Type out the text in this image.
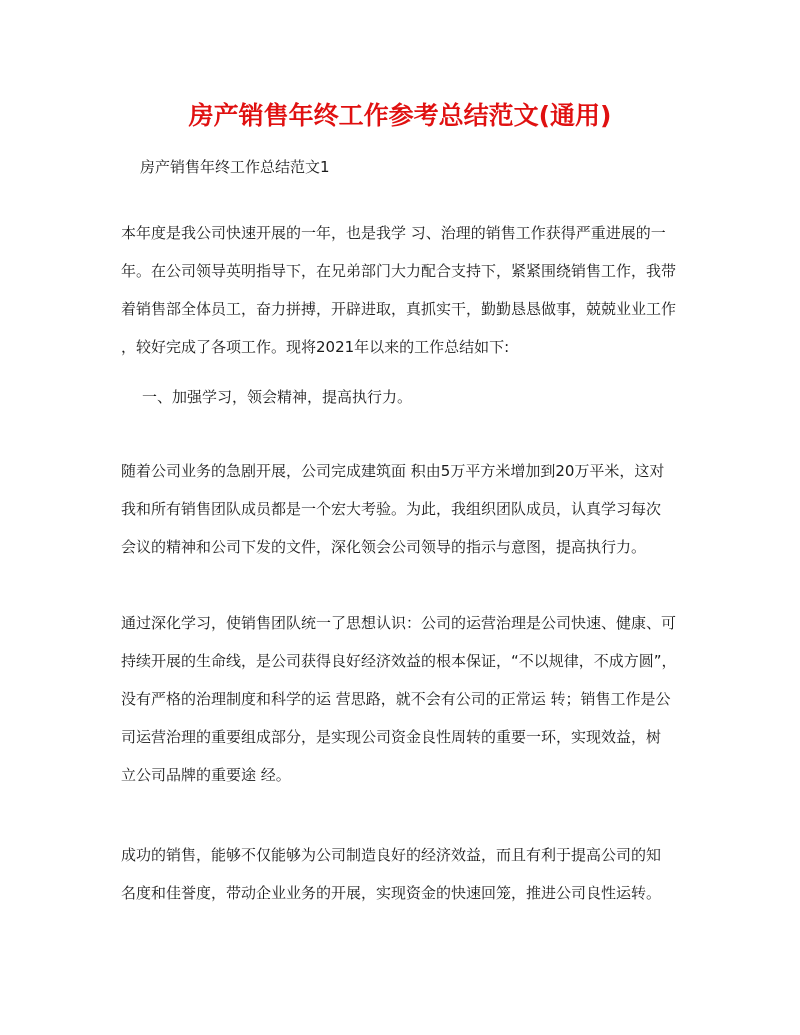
房产销售年终工作参考总结范文(通用)

房产销售年终工作总结范文1

本年度是我公司快速开展的一年，也是我学 习、治理的销售工作获得严重进展的一
年。在公司领导英明指导下，在兄弟部门大力配合支持下，紧紧围绕销售工作，我带
着销售部全体员工，奋力拼搏，开辟进取，真抓实干，勤勤恳恳做事，兢兢业业工作
，较好完成了各项工作。现将2021年以来的工作总结如下:

一、加强学习，领会精神，提高执行力。

随着公司业务的急剧开展，公司完成建筑面 积由5万平方米增加到20万平米，这对
我和所有销售团队成员都是一个宏大考验。为此，我组织团队成员，认真学习每次
会议的精神和公司下发的文件，深化领会公司领导的指示与意图，提高执行力。

通过深化学习，使销售团队统一了思想认识：公司的运营治理是公司快速、健康、可
持续开展的生命线，是公司获得良好经济效益的根本保证，“不以规律，不成方圆”，
没有严格的治理制度和科学的运 营思路，就不会有公司的正常运 转；销售工作是公
司运营治理的重要组成部分，是实现公司资金良性周转的重要一环，实现效益，树
立公司品牌的重要途 经。

成功的销售，能够不仅能够为公司制造良好的经济效益，而且有利于提高公司的知
名度和佳誉度，带动企业业务的开展，实现资金的快速回笼，推进公司良性运转。
